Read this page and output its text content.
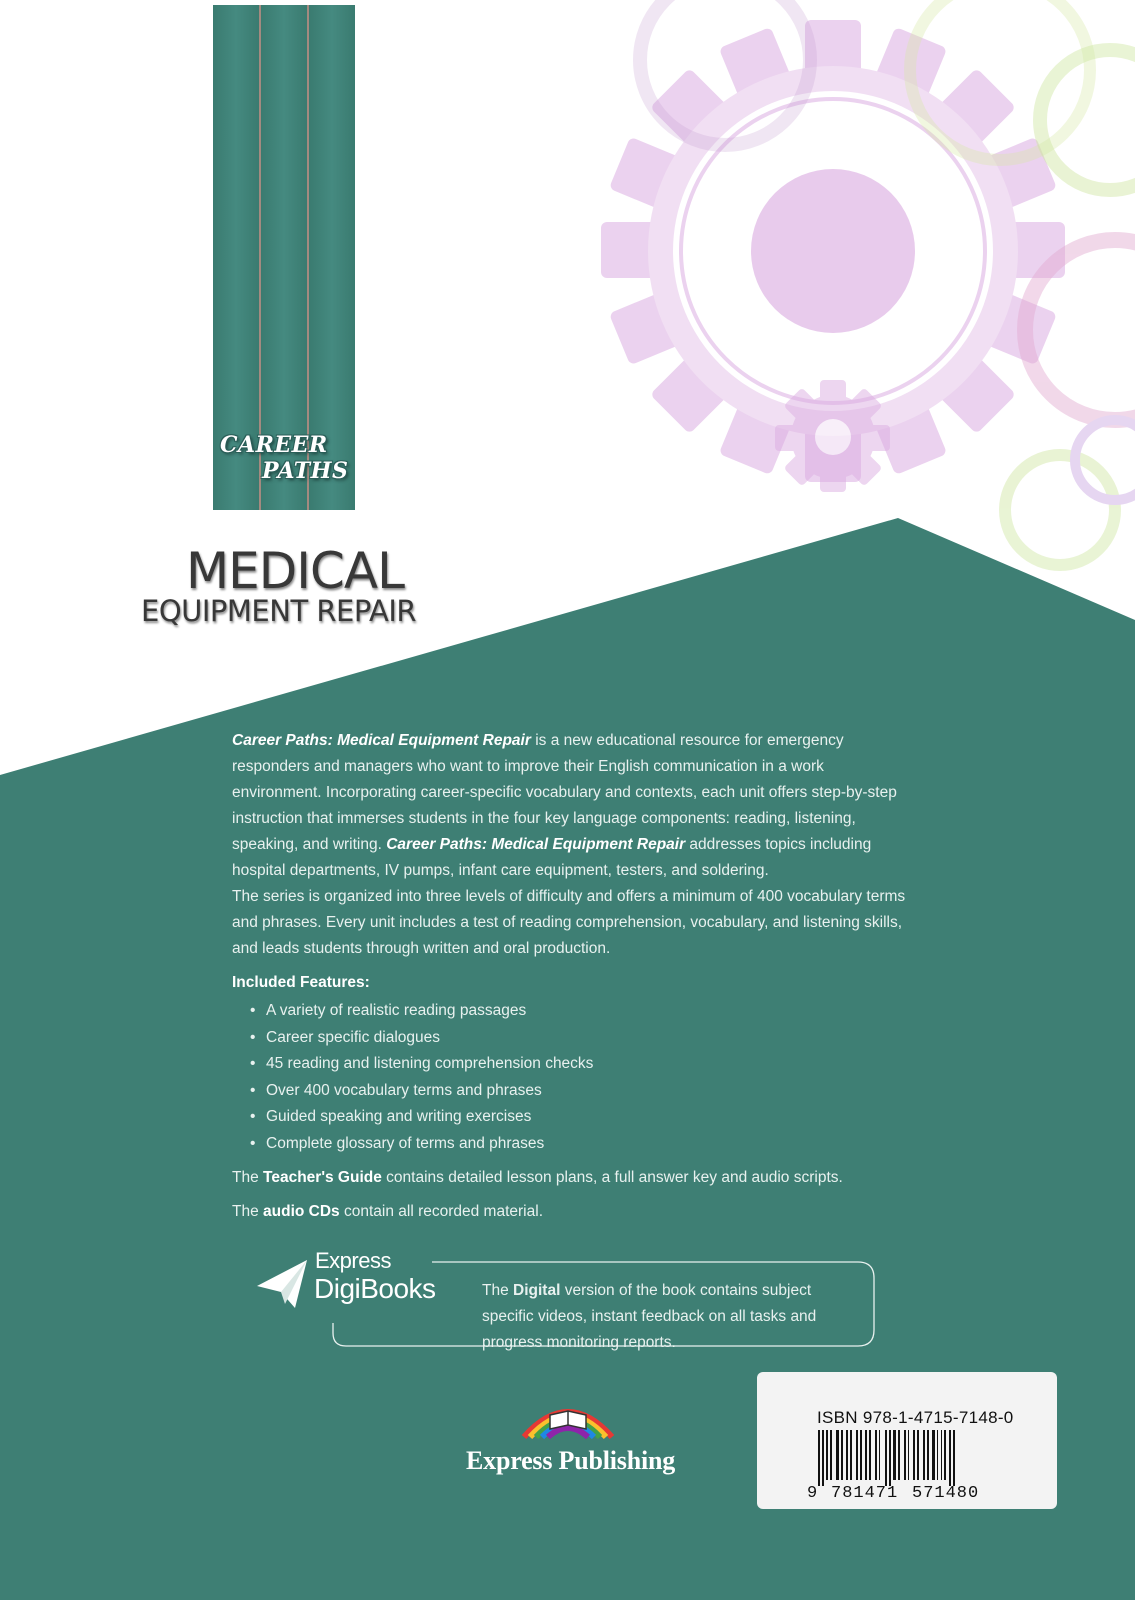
CAREER
PATHS
MEDICAL
EQUIPMENT REPAIR

Career Paths: Medical Equipment Repair is a new educational resource for emergency responders and managers who want to improve their English communication in a work environment. Incorporating career-specific vocabulary and contexts, each unit offers step-by-step instruction that immerses students in the four key language components: reading, listening, speaking, and writing. Career Paths: Medical Equipment Repair addresses topics including hospital departments, IV pumps, infant care equipment, testers, and soldering.

The series is organized into three levels of difficulty and offers a minimum of 400 vocabulary terms and phrases. Every unit includes a test of reading comprehension, vocabulary, and listening skills, and leads students through written and oral production.

Included Features:

• A variety of realistic reading passages
• Career specific dialogues
• 45 reading and listening comprehension checks
• Over 400 vocabulary terms and phrases
• Guided speaking and writing exercises
• Complete glossary of terms and phrases

The Teacher's Guide contains detailed lesson plans, a full answer key and audio scripts.

The audio CDs contain all recorded material.

Express
DigiBooks	The Digital version of the book contains subject specific videos, instant feedback on all tasks and progress monitoring reports.
Express Publishing
ISBN 978-1-4715-7148-0
9 781471 571480
